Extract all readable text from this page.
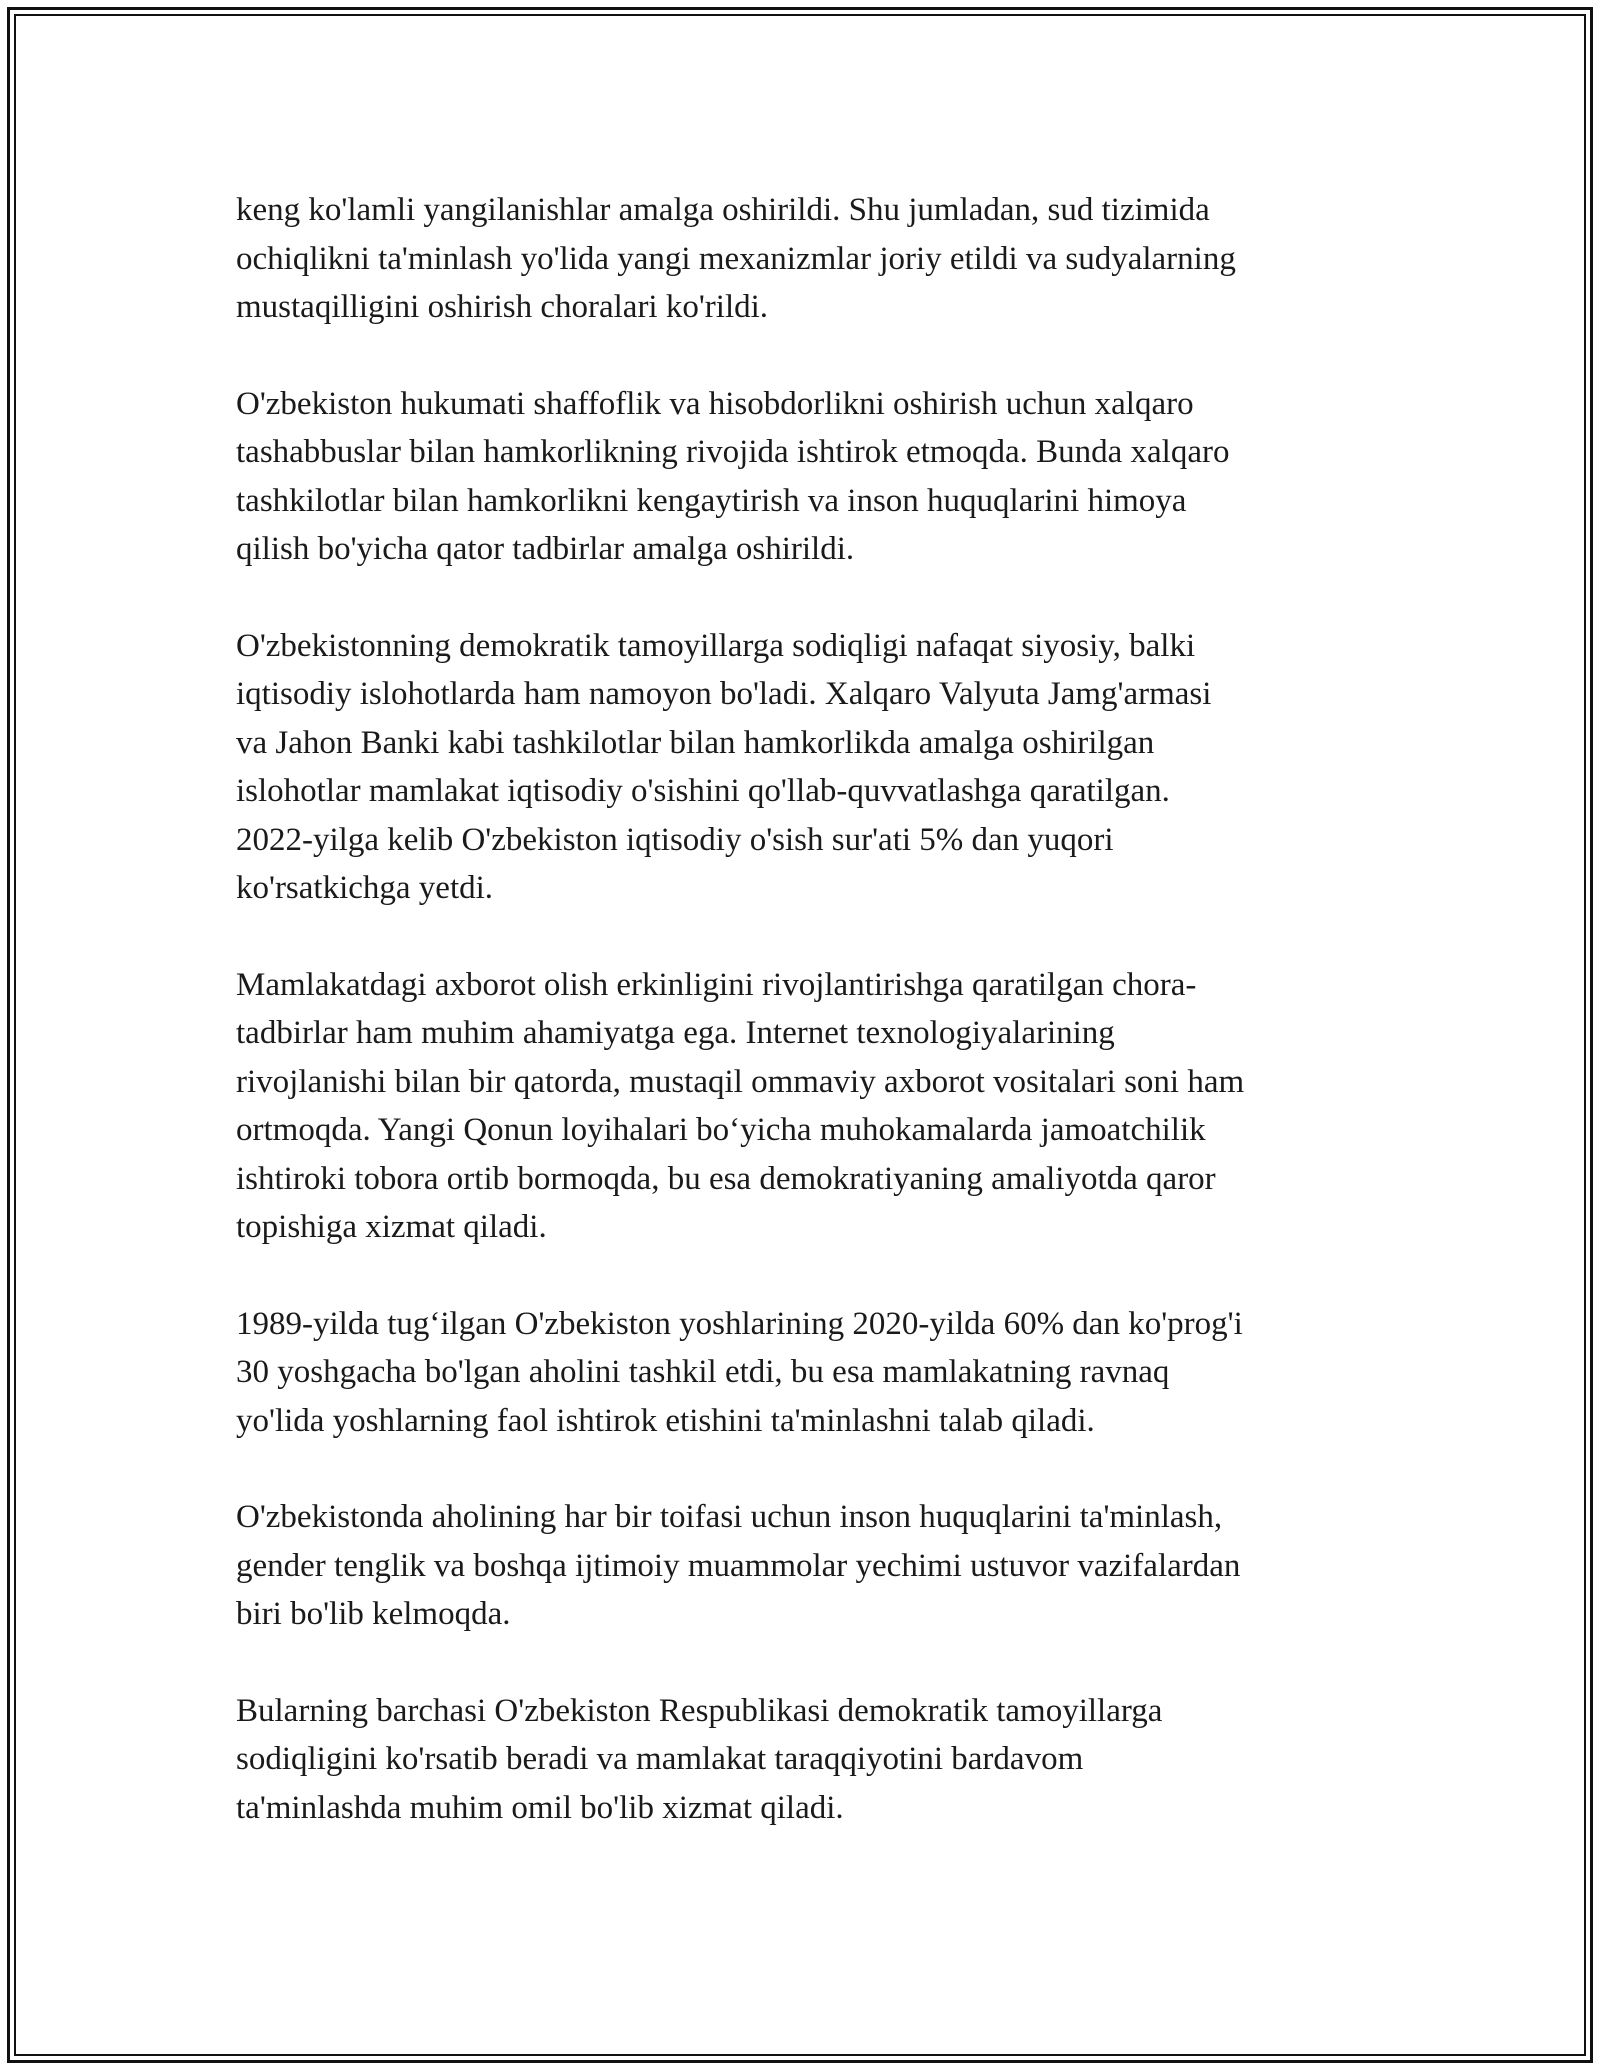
keng ko'lamli yangilanishlar amalga oshirildi. Shu jumladan, sud tizimida
ochiqlikni ta'minlash yo'lida yangi mexanizmlar joriy etildi va sudyalarning
mustaqilligini oshirish choralari ko'rildi.

O'zbekiston hukumati shaffoflik va hisobdorlikni oshirish uchun xalqaro
tashabbuslar bilan hamkorlikning rivojida ishtirok etmoqda. Bunda xalqaro
tashkilotlar bilan hamkorlikni kengaytirish va inson huquqlarini himoya
qilish bo'yicha qator tadbirlar amalga oshirildi.

O'zbekistonning demokratik tamoyillarga sodiqligi nafaqat siyosiy, balki
iqtisodiy islohotlarda ham namoyon bo'ladi. Xalqaro Valyuta Jamg'armasi
va Jahon Banki kabi tashkilotlar bilan hamkorlikda amalga oshirilgan
islohotlar mamlakat iqtisodiy o'sishini qo'llab-quvvatlashga qaratilgan.
2022-yilga kelib O'zbekiston iqtisodiy o'sish sur'ati 5% dan yuqori
ko'rsatkichga yetdi.

Mamlakatdagi axborot olish erkinligini rivojlantirishga qaratilgan chora-
tadbirlar ham muhim ahamiyatga ega. Internet texnologiyalarining
rivojlanishi bilan bir qatorda, mustaqil ommaviy axborot vositalari soni ham
ortmoqda. Yangi Qonun loyihalari bo‘yicha muhokamalarda jamoatchilik
ishtiroki tobora ortib bormoqda, bu esa demokratiyaning amaliyotda qaror
topishiga xizmat qiladi.

1989-yilda tug‘ilgan O'zbekiston yoshlarining 2020-yilda 60% dan ko'prog'i
30 yoshgacha bo'lgan aholini tashkil etdi, bu esa mamlakatning ravnaq
yo'lida yoshlarning faol ishtirok etishini ta'minlashni talab qiladi.

O'zbekistonda aholining har bir toifasi uchun inson huquqlarini ta'minlash,
gender tenglik va boshqa ijtimoiy muammolar yechimi ustuvor vazifalardan
biri bo'lib kelmoqda.

Bularning barchasi O'zbekiston Respublikasi demokratik tamoyillarga
sodiqligini ko'rsatib beradi va mamlakat taraqqiyotini bardavom
ta'minlashda muhim omil bo'lib xizmat qiladi.
